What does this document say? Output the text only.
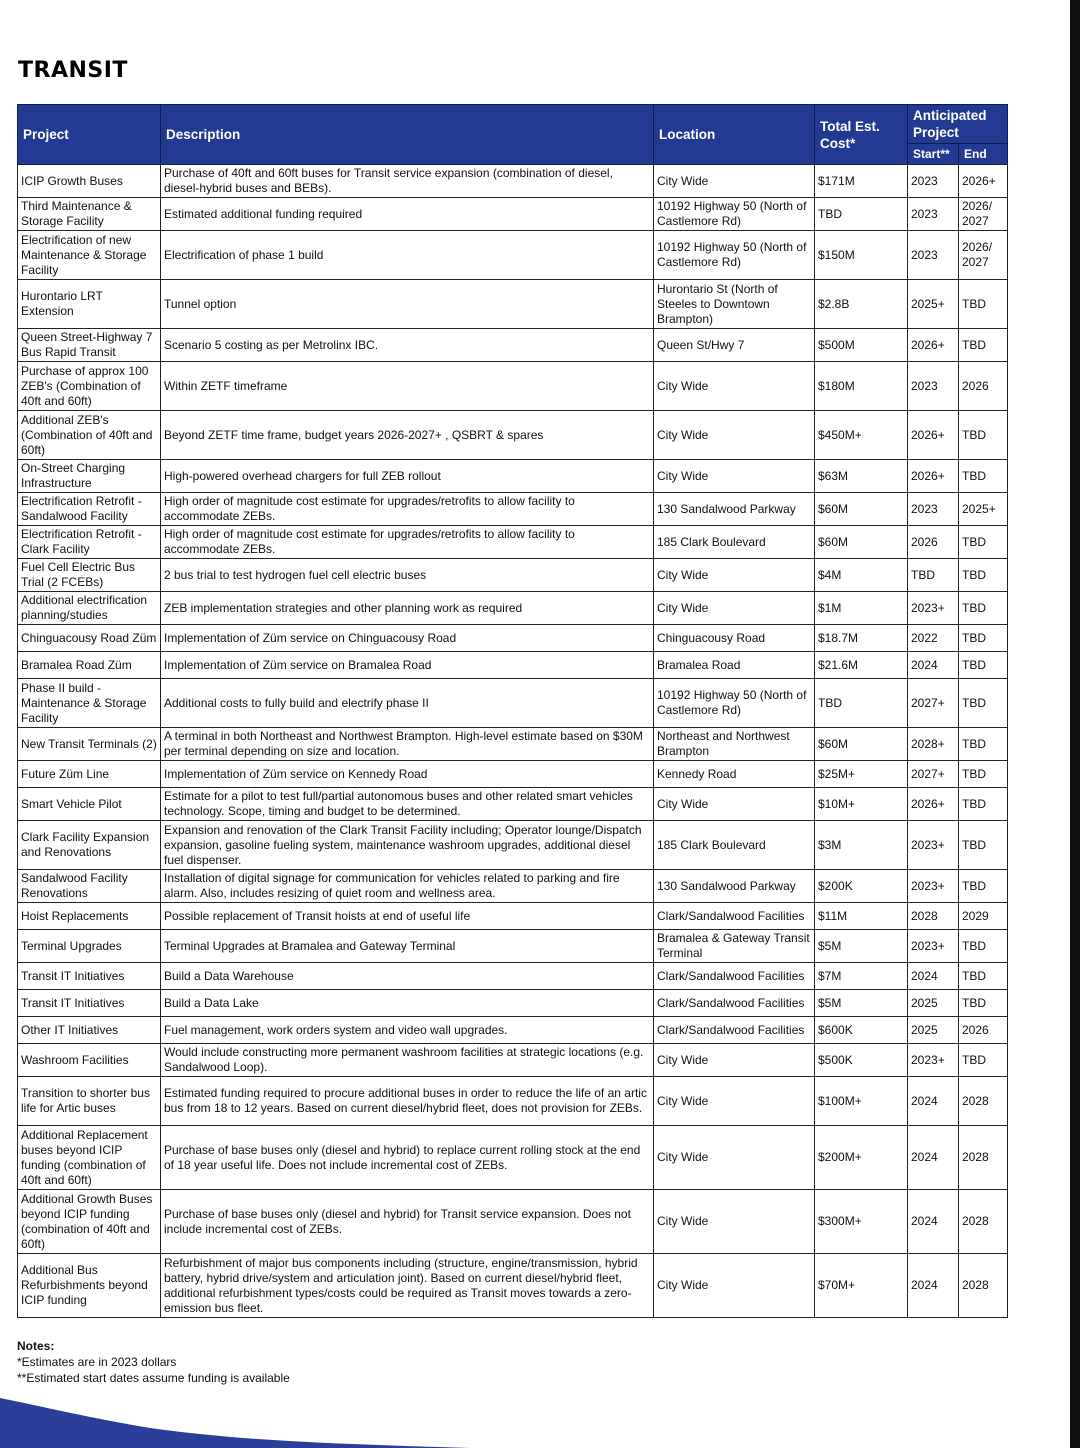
TRANSIT
Project	Description	Location	Total Est. Cost*	Anticipated Project	
				Start**	End
ICIP Growth Buses	Purchase of 40ft and 60ft buses for Transit service expansion (combination of diesel, diesel-hybrid buses and BEBs).	City Wide	$171M	2023	2026+
Third Maintenance & Storage Facility	Estimated additional funding required	10192 Highway 50 (North of Castlemore Rd)	TBD	2023	2026/ 2027
Electrification of new Maintenance & Storage Facility	Electrification of phase 1 build	10192 Highway 50 (North of Castlemore Rd)	$150M	2023	2026/ 2027
Hurontario LRT Extension	Tunnel option	Hurontario St (North of Steeles to Downtown Brampton)	$2.8B	2025+	TBD
Queen Street-Highway 7 Bus Rapid Transit	Scenario 5 costing as per Metrolinx IBC.	Queen St/Hwy 7	$500M	2026+	TBD
Purchase of approx 100 ZEB's (Combination of 40ft and 60ft)	Within ZETF timeframe	City Wide	$180M	2023	2026
Additional ZEB's (Combination of 40ft and 60ft)	Beyond ZETF time frame, budget years 2026-2027+ , QSBRT & spares	City Wide	$450M+	2026+	TBD
On-Street Charging Infrastructure	High-powered overhead chargers for full ZEB rollout	City Wide	$63M	2026+	TBD
Electrification Retrofit - Sandalwood Facility	High order of magnitude cost estimate for upgrades/retrofits to allow facility to accommodate ZEBs.	130 Sandalwood Parkway	$60M	2023	2025+
Electrification Retrofit - Clark Facility	High order of magnitude cost estimate for upgrades/retrofits to allow facility to accommodate ZEBs.	185 Clark Boulevard	$60M	2026	TBD
Fuel Cell Electric Bus Trial (2 FCEBs)	2 bus trial to test hydrogen fuel cell electric buses	City Wide	$4M	TBD	TBD
Additional electrification planning/studies	ZEB implementation strategies and other planning work as required	City Wide	$1M	2023+	TBD
Chinguacousy Road Züm	Implementation of Züm service on Chinguacousy Road	Chinguacousy Road	$18.7M	2022	TBD
Bramalea Road Züm	Implementation of Züm service on Bramalea Road	Bramalea Road	$21.6M	2024	TBD
Phase II build - Maintenance & Storage Facility	Additional costs to fully build and electrify phase II	10192 Highway 50 (North of Castlemore Rd)	TBD	2027+	TBD
New Transit Terminals (2)	A terminal in both Northeast and Northwest Brampton. High-level estimate based on $30M per terminal depending on size and location.	Northeast and Northwest Brampton	$60M	2028+	TBD
Future Züm Line	Implementation of Züm service on Kennedy Road	Kennedy Road	$25M+	2027+	TBD
Smart Vehicle Pilot	Estimate for a pilot to test full/partial autonomous buses and other related smart vehicles technology. Scope, timing and budget to be determined.	City Wide	$10M+	2026+	TBD
Clark Facility Expansion and Renovations	Expansion and renovation of the Clark Transit Facility including; Operator lounge/Dispatch expansion, gasoline fueling system, maintenance washroom upgrades, additional diesel fuel dispenser.	185 Clark Boulevard	$3M	2023+	TBD
Sandalwood Facility Renovations	Installation of digital signage for communication for vehicles related to parking and fire alarm. Also, includes resizing of quiet room and wellness area.	130 Sandalwood Parkway	$200K	2023+	TBD
Hoist Replacements	Possible replacement of Transit hoists at end of useful life	Clark/Sandalwood Facilities	$11M	2028	2029
Terminal Upgrades	Terminal Upgrades at Bramalea and Gateway Terminal	Bramalea & Gateway Transit Terminal	$5M	2023+	TBD
Transit IT Initiatives	Build a Data Warehouse	Clark/Sandalwood Facilities	$7M	2024	TBD
Transit IT Initiatives	Build a Data Lake	Clark/Sandalwood Facilities	$5M	2025	TBD
Other IT Initiatives	Fuel management, work orders system and video wall upgrades.	Clark/Sandalwood Facilities	$600K	2025	2026
Washroom Facilities	Would include constructing more permanent washroom facilities at strategic locations (e.g. Sandalwood Loop).	City Wide	$500K	2023+	TBD
Transition to shorter bus life for Artic buses	Estimated funding required to procure additional buses in order to reduce the life of an artic bus from 18 to 12 years. Based on current diesel/hybrid fleet, does not provision for ZEBs.	City Wide	$100M+	2024	2028
Additional Replacement buses beyond ICIP funding (combination of 40ft and 60ft)	Purchase of base buses only (diesel and hybrid) to replace current rolling stock at the end of 18 year useful life. Does not include incremental cost of ZEBs.	City Wide	$200M+	2024	2028
Additional Growth Buses beyond ICIP funding (combination of 40ft and 60ft)	Purchase of base buses only (diesel and hybrid) for Transit service expansion. Does not include incremental cost of ZEBs.	City Wide	$300M+	2024	2028
Additional Bus Refurbishments beyond ICIP funding	Refurbishment of major bus components including (structure, engine/transmission, hybrid battery, hybrid drive/system and articulation joint). Based on current diesel/hybrid fleet, additional refurbishment types/costs could be required as Transit moves towards a zero-emission bus fleet.	City Wide	$70M+	2024	2028
Notes:
*Estimates are in 2023 dollars
**Estimated start dates assume funding is available
